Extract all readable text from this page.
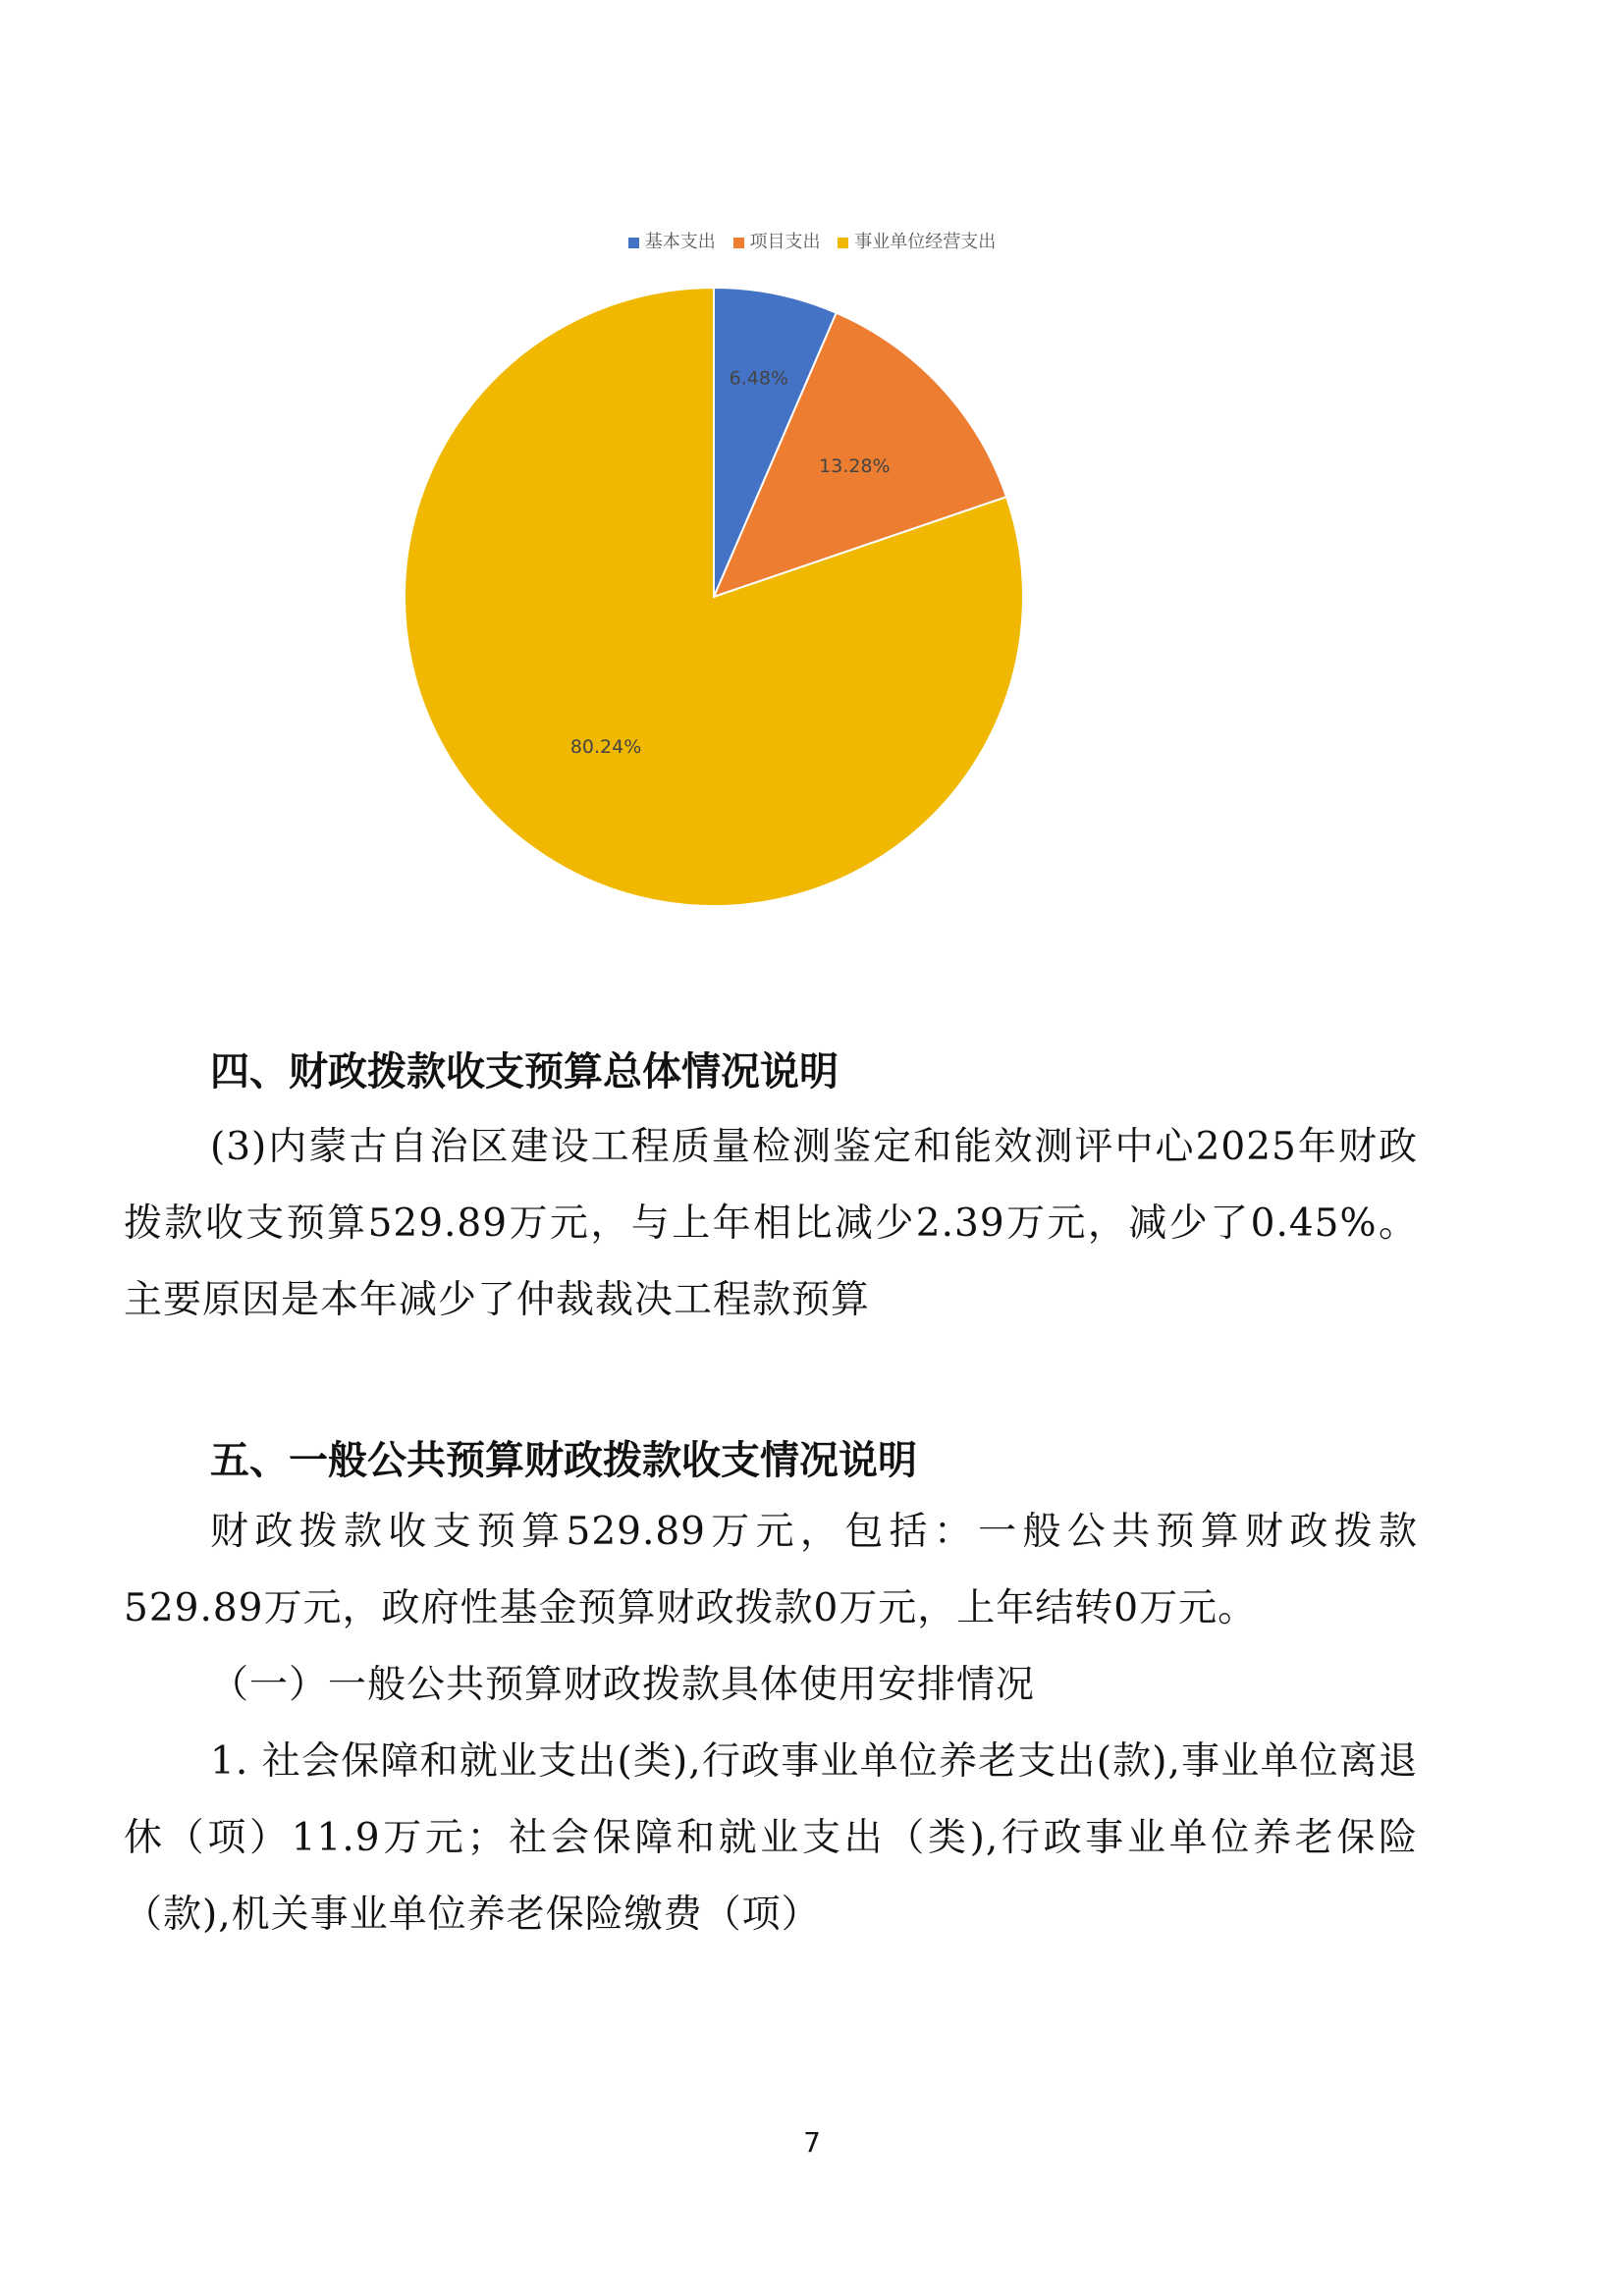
基本支出 项目支出 事业单位经营支出
6.48%
13.28%
80.24%
四、财政拨款收支预算总体情况说明
(3)内蒙古自治区建设工程质量检测鉴定和能效测评中心2025年财政拨款收支预算529.89万元，与上年相比减少2.39万元，减少了0.45%。主要原因是本年减少了仲裁裁决工程款预算
五、一般公共预算财政拨款收支情况说明
财政拨款收支预算529.89万元，包括：一般公共预算财政拨款529.89万元，政府性基金预算财政拨款0万元，上年结转0万元。
（一）一般公共预算财政拨款具体使用安排情况
1. 社会保障和就业支出(类),行政事业单位养老支出(款),事业单位离退休（项）11.9万元；社会保障和就业支出（类),行政事业单位养老保险（款),机关事业单位养老保险缴费（项）
7
